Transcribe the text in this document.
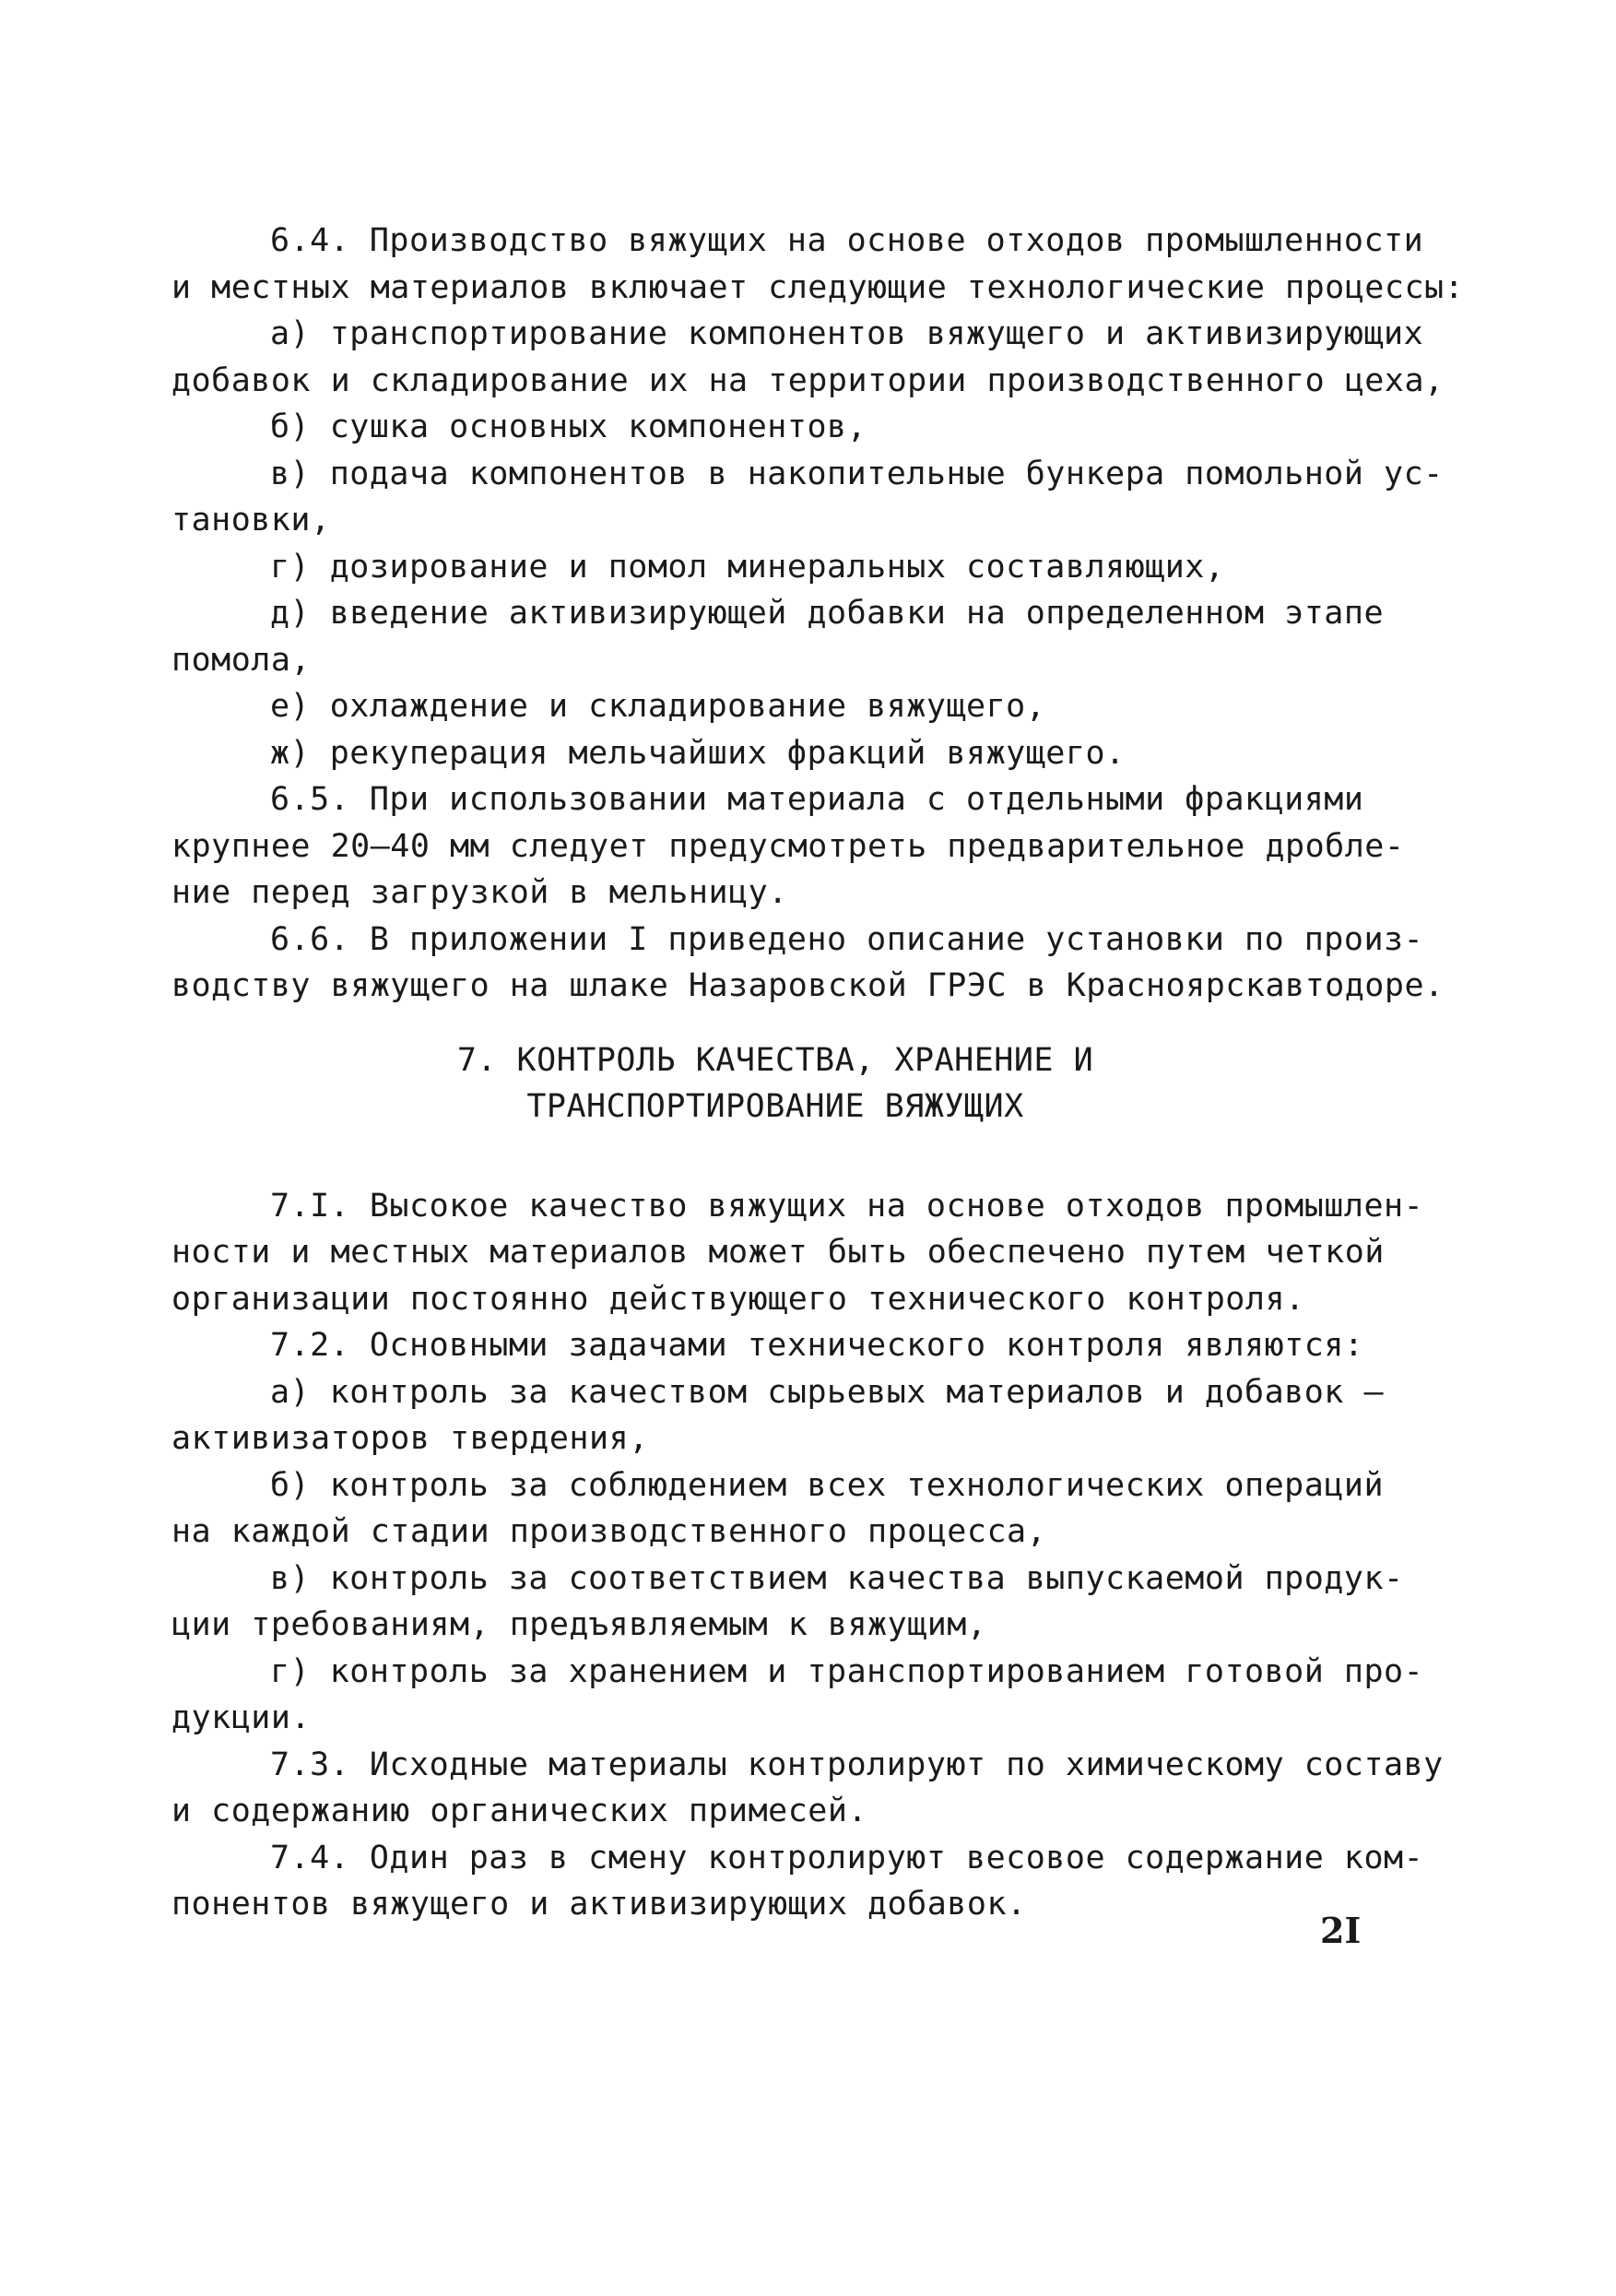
6.4. Производство вяжущих на основе отходов промышленности
и местных материалов включает следующие технологические процессы:
а) транспортирование компонентов вяжущего и активизирующих
добавок и складирование их на территории производственного цеха,
б) сушка основных компонентов,
в) подача компонентов в накопительные бункера помольной ус-
тановки,
г) дозирование и помол минеральных составляющих,
д) введение активизирующей добавки на определенном этапе
помола,
е) охлаждение и складирование вяжущего,
ж) рекуперация мельчайших фракций вяжущего.
6.5. При использовании материала с отдельными фракциями
крупнее 20–40 мм следует предусмотреть предварительное дробле-
ние перед загрузкой в мельницу.
6.6. В приложении I приведено описание установки по произ-
водству вяжущего на шлаке Назаровской ГРЭС в Красноярскавтодоре.
7. КОНТРОЛЬ КАЧЕСТВА, ХРАНЕНИЕ И
ТРАНСПОРТИРОВАНИЕ ВЯЖУЩИХ
7.I. Высокое качество вяжущих на основе отходов промышлен-
ности и местных материалов может быть обеспечено путем четкой
организации постоянно действующего технического контроля.
7.2. Основными задачами технического контроля являются:
а) контроль за качеством сырьевых материалов и добавок –
активизаторов твердения,
б) контроль за соблюдением всех технологических операций
на каждой стадии производственного процесса,
в) контроль за соответствием качества выпускаемой продук-
ции требованиям, предъявляемым к вяжущим,
г) контроль за хранением и транспортированием готовой про-
дукции.
7.3. Исходные материалы контролируют по химическому составу
и содержанию органических примесей.
7.4. Один раз в смену контролируют весовое содержание ком-
понентов вяжущего и активизирующих добавок.
2I
